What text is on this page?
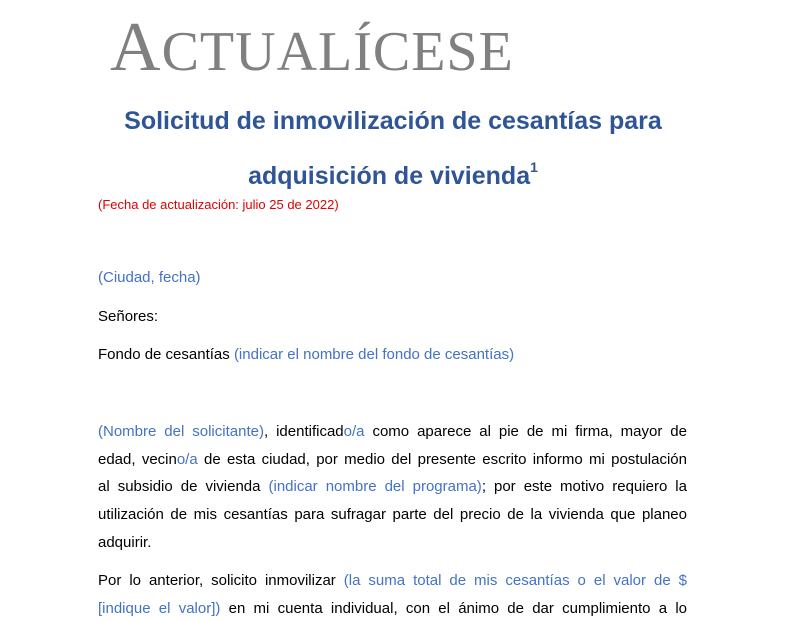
ACTUALÍCESE
Solicitud de inmovilización de cesantías para
adquisición de vivienda$^1$
(Fecha de actualización: julio 25 de 2022)
(Ciudad, fecha)
Señores:
Fondo de cesantías (indicar el nombre del fondo de cesantías)
(Nombre del solicitante), identificado/a como aparece al pie de mi firma, mayor de
edad, vecino/a de esta ciudad, por medio del presente escrito informo mi postulación
al subsidio de vivienda (indicar nombre del programa); por este motivo requiero la
utilización de mis cesantías para sufragar parte del precio de la vivienda que planeo
adquirir.
Por lo anterior, solicito inmovilizar (la suma total de mis cesantías o el valor de $
[indique el valor]) en mi cuenta individual, con el ánimo de dar cumplimiento a lo
